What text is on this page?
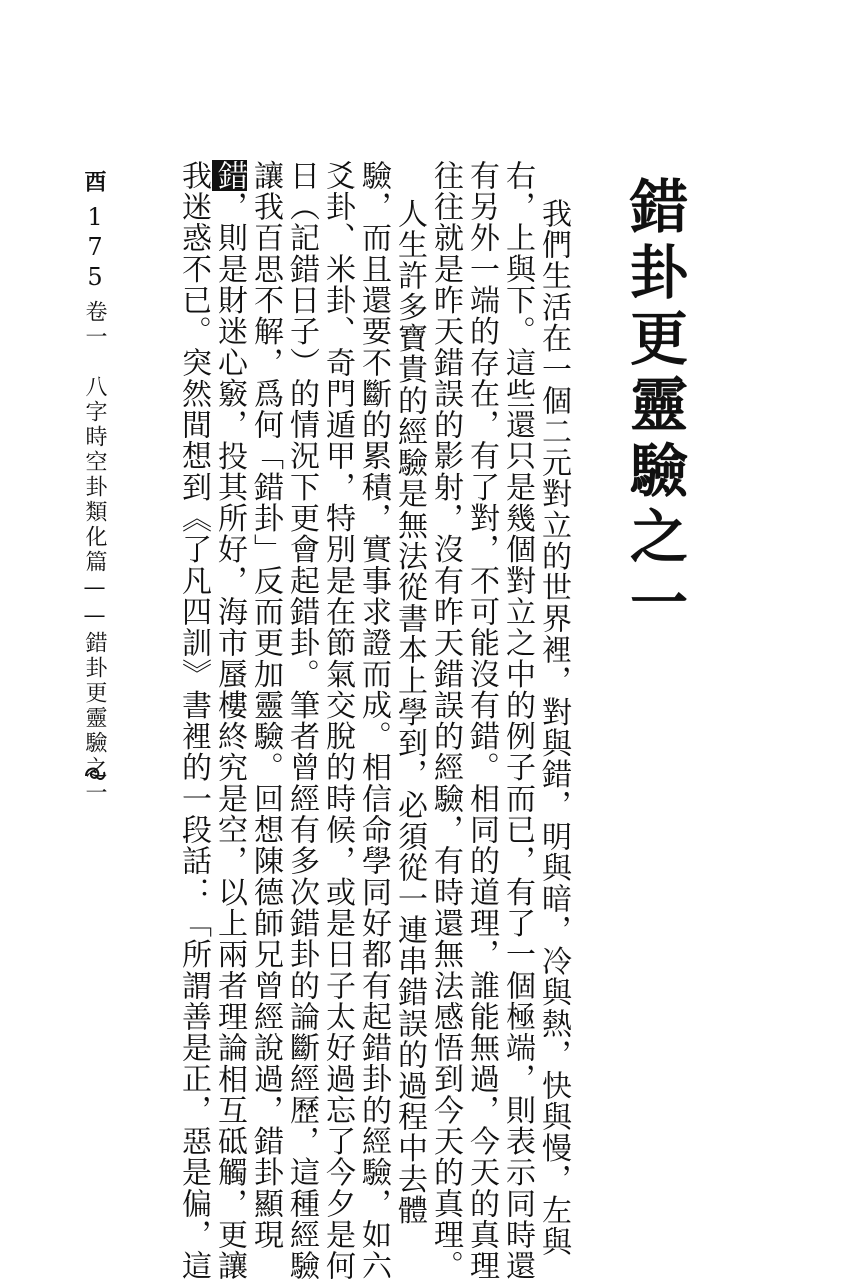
錯卦更靈驗之一
我們生活在一個二元對立的世界裡，對與錯，明與暗，冷與熱，快與慢，左與
右，上與下。這些還只是幾個對立之中的例子而已，有了一個極端，則表示同時還
有另外一端的存在，有了對，不可能沒有錯。相同的道理，誰能無過，今天的真理
往往就是昨天錯誤的影射，沒有昨天錯誤的經驗，有時還無法感悟到今天的真理。
人生許多寶貴的經驗是無法從書本上學到，必須從一連串錯誤的過程中去體
驗，而且還要不斷的累積，實事求證而成。相信命學同好都有起錯卦的經驗，如六
爻卦、米卦、奇門遁甲，特別是在節氣交脫的時候，或是日子太好過忘了今夕是何
日（記錯日子）的情況下更會起錯卦。筆者曾經有多次錯卦的論斷經歷，這種經驗
讓我百思不解，爲何「錯卦」反而更加靈驗。回想陳德師兄曾經說過，錯卦顯現
錯，則是財迷心竅，投其所好，海市蜃樓終究是空，以上兩者理論相互砥觸，更讓
我迷惑不已。突然間想到《了凡四訓》書裡的一段話：「所謂善是正，惡是偏，這
酉
1
7
5
卷一　八字時空卦類化篇——錯卦更靈驗之一
